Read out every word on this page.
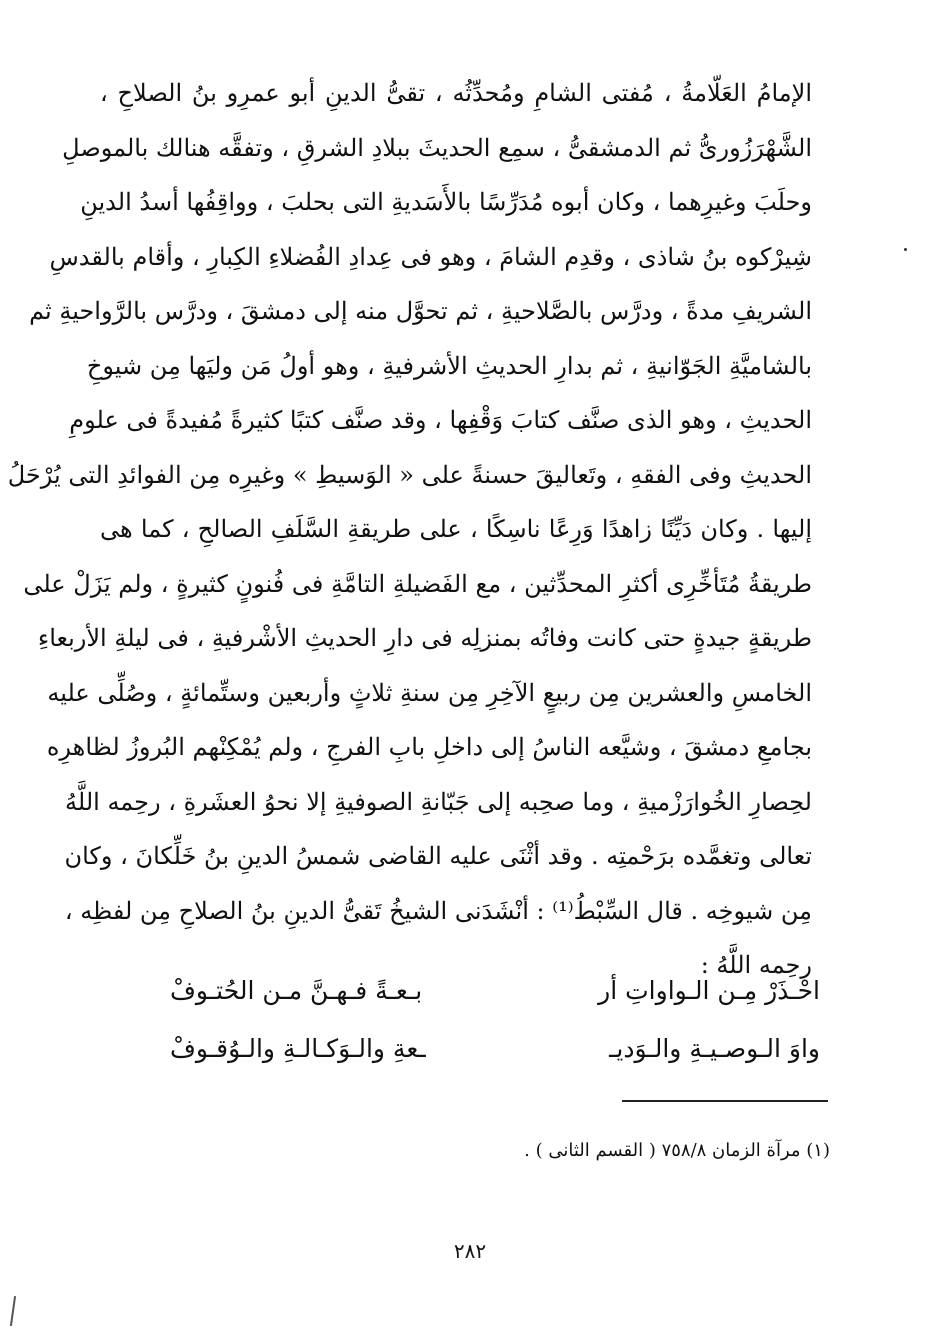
الإمامُ العَلّامةُ ، مُفتى الشامِ ومُحدِّثُه ، تقىُّ الدينِ أبو عمرِو بنُ الصلاحِ ،
الشَّهْرَزُورىُّ ثم الدمشقىُّ ، سمِع الحديثَ ببلادِ الشرقِ ، وتفقَّه هنالك بالموصلِ
وحلَبَ وغيرِهما ، وكان أبوه مُدَرِّسًا بالأَسَديةِ التى بحلبَ ، وواقِفُها أسدُ الدينِ
شِيرْكوه بنُ شاذى ، وقدِم الشامَ ، وهو فى عِدادِ الفُضلاءِ الكِبارِ ، وأقام بالقدسِ
الشريفِ مدةً ، ودرَّس بالصَّلاحيةِ ، ثم تحوَّل منه إلى دمشقَ ، ودرَّس بالرَّواحيةِ ثم
بالشاميَّةِ الجَوّانيةِ ، ثم بدارِ الحديثِ الأشرفيةِ ، وهو أولُ مَن وليَها مِن شيوخِ
الحديثِ ، وهو الذى صنَّف كتابَ وَقْفِها ، وقد صنَّف كتبًا كثيرةً مُفيدةً فى علومِ
الحديثِ وفى الفقهِ ، وتَعاليقَ حسنةً على « الوَسيطِ » وغيرِه مِن الفوائدِ التى يُرْحَلُ
إليها . وكان دَيِّنًا زاهدًا وَرِعًا ناسِكًا ، على طريقةِ السَّلَفِ الصالحِ ، كما هى
طريقةُ مُتَأخِّرِى أكثرِ المحدِّثين ، مع الفَضيلةِ التامَّةِ فى فُنونٍ كثيرةٍ ، ولم يَزَلْ على
طريقةٍ جيدةٍ حتى كانت وفاتُه بمنزلِه فى دارِ الحديثِ الأشْرفيةِ ، فى ليلةِ الأربعاءِ
الخامسِ والعشرين مِن ربيعٍ الآخِرِ مِن سنةِ ثلاثٍ وأربعين وستِّمائةٍ ، وصُلِّى عليه
بجامعِ دمشقَ ، وشيَّعه الناسُ إلى داخلِ بابِ الفرجِ ، ولم يُمْكِنْهم البُروزُ لظاهرِه
لحِصارِ الخُوارَزْميةِ ، وما صحِبه إلى جَبّانةِ الصوفيةِ إلا نحوُ العشَرةِ ، رحِمه اللَّهُ
تعالى وتغمَّده برَحْمتِه . وقد أثْنَى عليه القاضى شمسُ الدينِ بنُ خَلِّكانَ ، وكان
مِن شيوخِه . قال السِّبْطُ⁽¹⁾ : أنْشَدَنى الشيخُ تَقىُّ الدينِ بنُ الصلاحِ مِن لفظِه ،
رحِمه اللَّهُ :
احْـذَرْ مِـن الـواواتِ أر
بـعـةً فـهـنَّ مـن الحُتـوفْ
واوَ الـوصـيـةِ والـوَديـ
ـعةِ والـوَكـالـةِ والـوُقـوفْ
(١) مرآة الزمان ٧٥٨/٨ ( القسم الثانى ) .
٢٨٢
